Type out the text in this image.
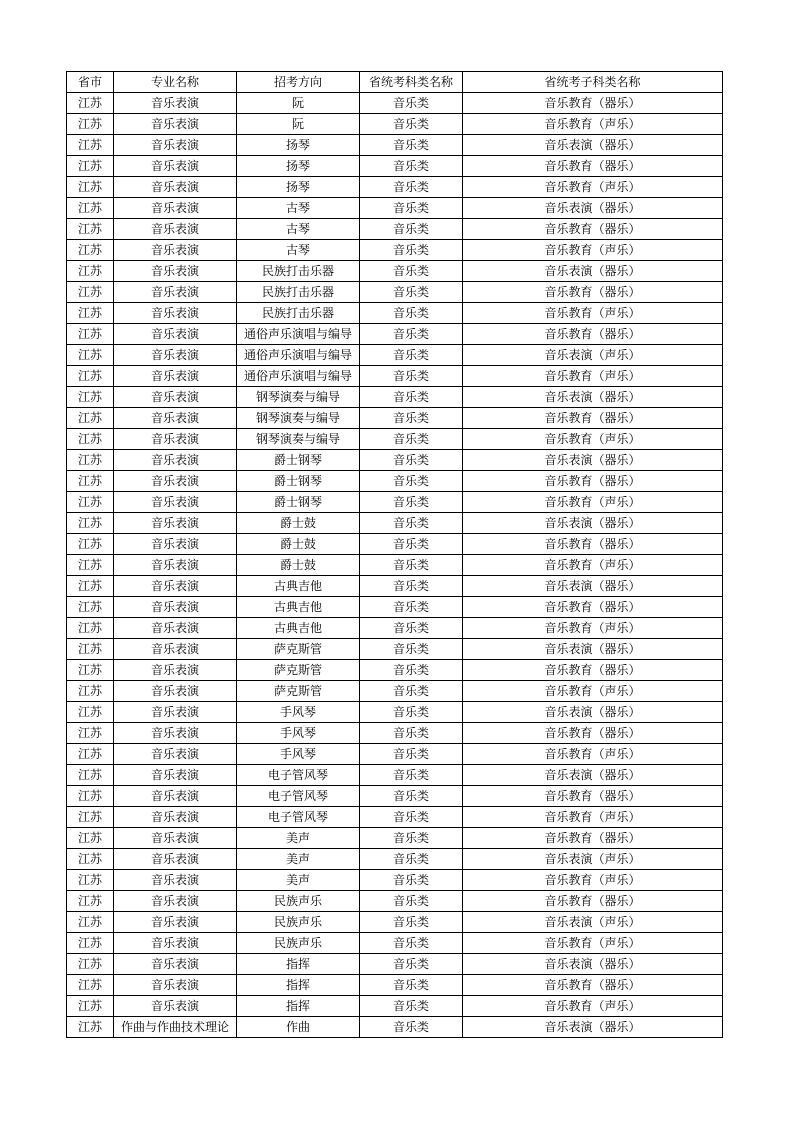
省市	专业名称	招考方向	省统考科类名称	省统考子科类名称
江苏	音乐表演	阮	音乐类	音乐教育（器乐）
江苏	音乐表演	阮	音乐类	音乐教育（声乐）
江苏	音乐表演	扬琴	音乐类	音乐表演（器乐）
江苏	音乐表演	扬琴	音乐类	音乐教育（器乐）
江苏	音乐表演	扬琴	音乐类	音乐教育（声乐）
江苏	音乐表演	古琴	音乐类	音乐表演（器乐）
江苏	音乐表演	古琴	音乐类	音乐教育（器乐）
江苏	音乐表演	古琴	音乐类	音乐教育（声乐）
江苏	音乐表演	民族打击乐器	音乐类	音乐表演（器乐）
江苏	音乐表演	民族打击乐器	音乐类	音乐教育（器乐）
江苏	音乐表演	民族打击乐器	音乐类	音乐教育（声乐）
江苏	音乐表演	通俗声乐演唱与编导	音乐类	音乐教育（器乐）
江苏	音乐表演	通俗声乐演唱与编导	音乐类	音乐表演（声乐）
江苏	音乐表演	通俗声乐演唱与编导	音乐类	音乐教育（声乐）
江苏	音乐表演	钢琴演奏与编导	音乐类	音乐表演（器乐）
江苏	音乐表演	钢琴演奏与编导	音乐类	音乐教育（器乐）
江苏	音乐表演	钢琴演奏与编导	音乐类	音乐教育（声乐）
江苏	音乐表演	爵士钢琴	音乐类	音乐表演（器乐）
江苏	音乐表演	爵士钢琴	音乐类	音乐教育（器乐）
江苏	音乐表演	爵士钢琴	音乐类	音乐教育（声乐）
江苏	音乐表演	爵士鼓	音乐类	音乐表演（器乐）
江苏	音乐表演	爵士鼓	音乐类	音乐教育（器乐）
江苏	音乐表演	爵士鼓	音乐类	音乐教育（声乐）
江苏	音乐表演	古典吉他	音乐类	音乐表演（器乐）
江苏	音乐表演	古典吉他	音乐类	音乐教育（器乐）
江苏	音乐表演	古典吉他	音乐类	音乐教育（声乐）
江苏	音乐表演	萨克斯管	音乐类	音乐表演（器乐）
江苏	音乐表演	萨克斯管	音乐类	音乐教育（器乐）
江苏	音乐表演	萨克斯管	音乐类	音乐教育（声乐）
江苏	音乐表演	手风琴	音乐类	音乐表演（器乐）
江苏	音乐表演	手风琴	音乐类	音乐教育（器乐）
江苏	音乐表演	手风琴	音乐类	音乐教育（声乐）
江苏	音乐表演	电子管风琴	音乐类	音乐表演（器乐）
江苏	音乐表演	电子管风琴	音乐类	音乐教育（器乐）
江苏	音乐表演	电子管风琴	音乐类	音乐教育（声乐）
江苏	音乐表演	美声	音乐类	音乐教育（器乐）
江苏	音乐表演	美声	音乐类	音乐表演（声乐）
江苏	音乐表演	美声	音乐类	音乐教育（声乐）
江苏	音乐表演	民族声乐	音乐类	音乐教育（器乐）
江苏	音乐表演	民族声乐	音乐类	音乐表演（声乐）
江苏	音乐表演	民族声乐	音乐类	音乐教育（声乐）
江苏	音乐表演	指挥	音乐类	音乐表演（器乐）
江苏	音乐表演	指挥	音乐类	音乐教育（器乐）
江苏	音乐表演	指挥	音乐类	音乐教育（声乐）
江苏	作曲与作曲技术理论	作曲	音乐类	音乐表演（器乐）
